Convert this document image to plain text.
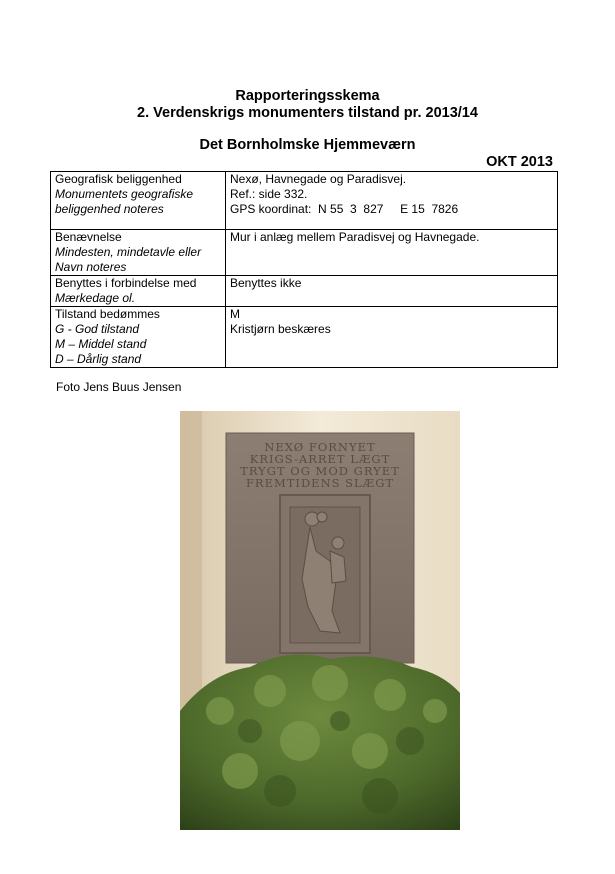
Rapporteringsskema
2. Verdenskrigs monumenters tilstand pr. 2013/14
Det Bornholmske Hjemmeværn
OKT 2013
Geografisk beliggenhed
Monumentets geografiske
beliggenhed noteres	Nexø, Havnegade og Paradisvej.
Ref.: side 332.
GPS koordinat:  N 55  3  827     E 15  7826

Benævnelse
Mindesten, mindetavle eller
Navn noteres	Mur i anlæg mellem Paradisvej og Havnegade.

Benyttes i forbindelse med
Mærkedage ol.	Benyttes ikke

Tilstand bedømmes
G - God tilstand
M – Middel stand
D – Dårlig stand	M
Kristjørn beskæres
Foto Jens Buus Jensen
NEXØ FORNYET
KRIGS-ARRET LÆGT
TRYGT OG MOD GRYET
FREMTIDENS SLÆGT
